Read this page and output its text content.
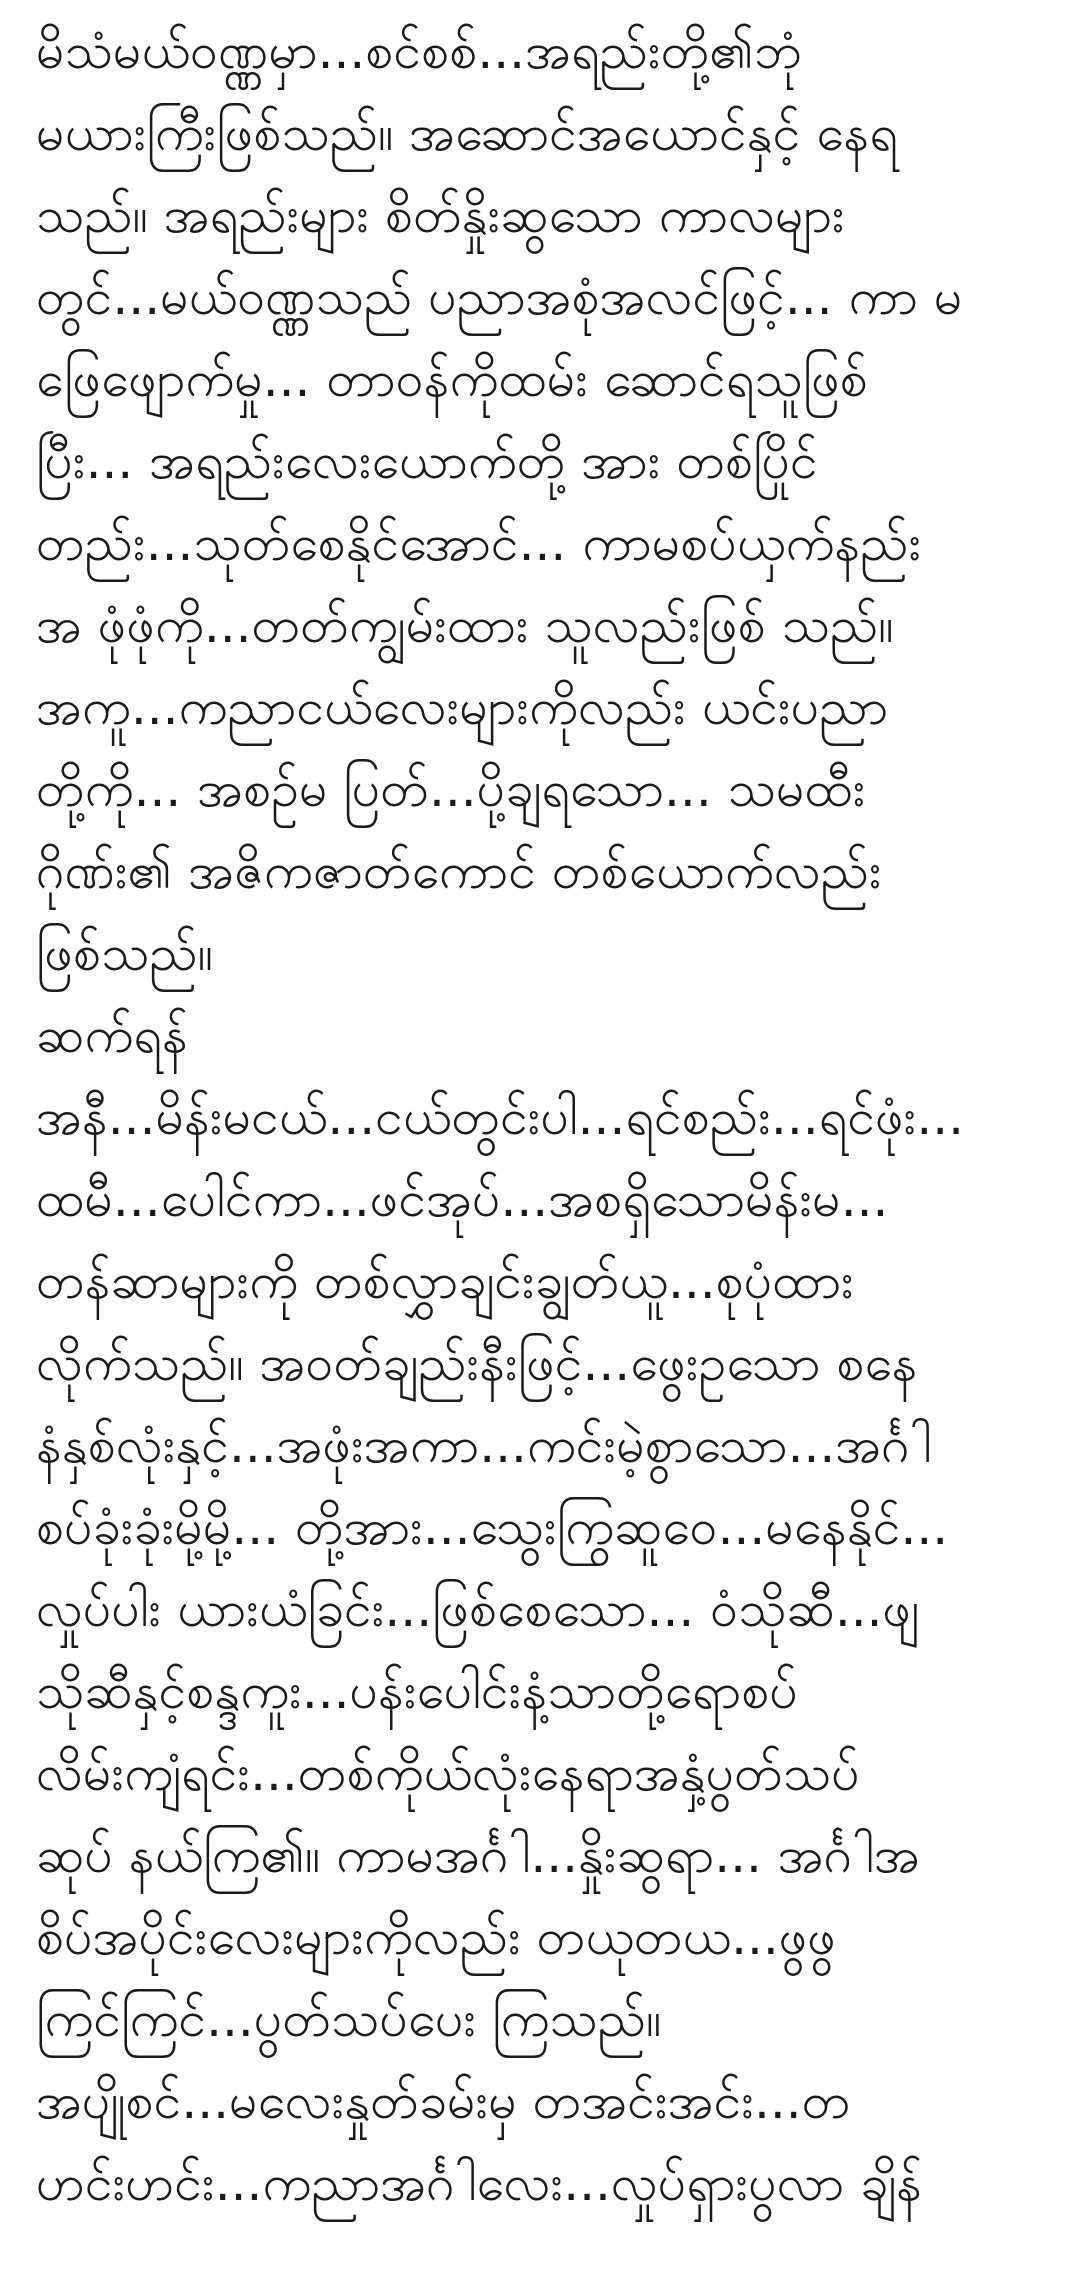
မိသံမယ်ဝဏ္ဏမှာ...စင်စစ်...အရည်းတို့၏ဘုံ
မယားကြီးဖြစ်သည်။ အဆောင်အယောင်နှင့် နေရ
သည်။ အရည်းများ စိတ်နှိုးဆွသော ကာလများ
တွင်...မယ်ဝဏ္ဏသည် ပညာအစုံအလင်ဖြင့်... ကာ မ
ဖြေဖျောက်မှု... တာဝန်ကိုထမ်း ဆောင်ရသူဖြစ်
ပြီး... အရည်းလေးယောက်တို့ အား တစ်ပြိုင်
တည်း...သုတ်စေနိုင်အောင်... ကာမစပ်ယှက်နည်း
အ ဖုံဖုံကို...တတ်ကျွမ်းထား သူလည်းဖြစ် သည်။
အကူ...ကညာငယ်လေးများကိုလည်း ယင်းပညာ
တို့ကို... အစဉ်မ ပြတ်...ပို့ချရသော... သမထီး
ဂိုဏ်း၏ အဇိကဇာတ်ကောင် တစ်ယောက်လည်း
ဖြစ်သည်။
ဆက်ရန်
အနီ...မိန်းမငယ်...ငယ်တွင်းပါ...ရင်စည်း...ရင်ဖုံး...
ထမီ...ပေါင်ကာ...ဖင်အုပ်...အစရှိသောမိန်းမ...
တန်ဆာများကို တစ်လွှာချင်းချွတ်ယူ...စုပုံထား
လိုက်သည်။ အဝတ်ချည်းနီးဖြင့်...ဖွေးဥသော စနေ
နံနှစ်လုံးနှင့်...အဖုံးအကာ...ကင်းမဲ့စွာသော...အင်္ဂါ
စပ်ခုံးခုံးမို့မို့... တို့အား...သွေးကြွဆူဝေ...မနေနိုင်...
လှုပ်ပါး ယားယံခြင်း...ဖြစ်စေသော... ဝံသိုဆီ...ဖျ
သိုဆီနှင့်စန္ဒကူး...ပန်းပေါင်းနံ့သာတို့ရောစပ်
လိမ်းကျံရင်း...တစ်ကိုယ်လုံးနေရာအနှံ့ပွတ်သပ်
ဆုပ် နယ်ကြ၏။ ကာမအင်္ဂါ...နှိုးဆွရာ... အင်္ဂါအ
စိပ်အပိုင်းလေးများကိုလည်း တယုတယ...ဖွဖွ
ကြင်ကြင်...ပွတ်သပ်ပေး ကြသည်။
အပျိုစင်...မလေးနှုတ်ခမ်းမှ တအင်းအင်း...တ
ဟင်းဟင်း...ကညာအင်္ဂါလေး...လှုပ်ရှားပွလာ ချိန်
